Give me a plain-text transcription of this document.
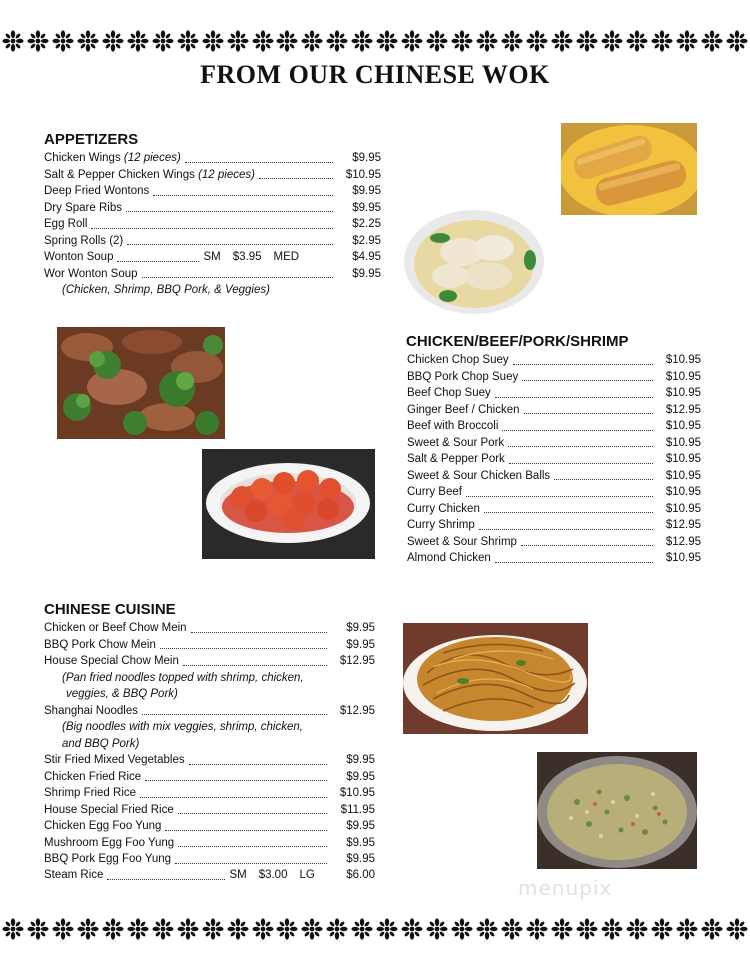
FROM OUR CHINESE WOK
APPETIZERS
Chicken Wings (12 pieces)	$9.95
Salt & Pepper Chicken Wings (12 pieces)	$10.95
Deep Fried Wontons	$9.95
Dry Spare Ribs	$9.95
Egg Roll	$2.25
Spring Rolls (2)	$2.95
Wonton Soup	SM $3.95 MED	$4.95
Wor Wonton Soup	$9.95
(Chicken, Shrimp, BBQ Pork, & Veggies)
CHICKEN/BEEF/PORK/SHRIMP
Chicken Chop Suey	$10.95
BBQ Pork Chop Suey	$10.95
Beef Chop Suey	$10.95
Ginger Beef / Chicken	$12.95
Beef with Broccoli	$10.95
Sweet & Sour Pork	$10.95
Salt & Pepper Pork	$10.95
Sweet & Sour Chicken Balls	$10.95
Curry Beef	$10.95
Curry Chicken	$10.95
Curry Shrimp	$12.95
Sweet & Sour Shrimp	$12.95
Almond Chicken	$10.95
CHINESE CUISINE
Chicken or Beef Chow Mein	$9.95
BBQ Pork Chow Mein	$9.95
House Special Chow Mein	$12.95
(Pan fried noodles topped with shrimp, chicken,
veggies, & BBQ Pork)
Shanghai Noodles	$12.95
(Big noodles with mix veggies, shrimp, chicken,
and BBQ Pork)
Stir Fried Mixed Vegetables	$9.95
Chicken Fried Rice	$9.95
Shrimp Fried Rice	$10.95
House Special Fried Rice	$11.95
Chicken Egg Foo Yung	$9.95
Mushroom Egg Foo Yung	$9.95
BBQ Pork Egg Foo Yung	$9.95
Steam Rice	SM $3.00 LG	$6.00
menupix
